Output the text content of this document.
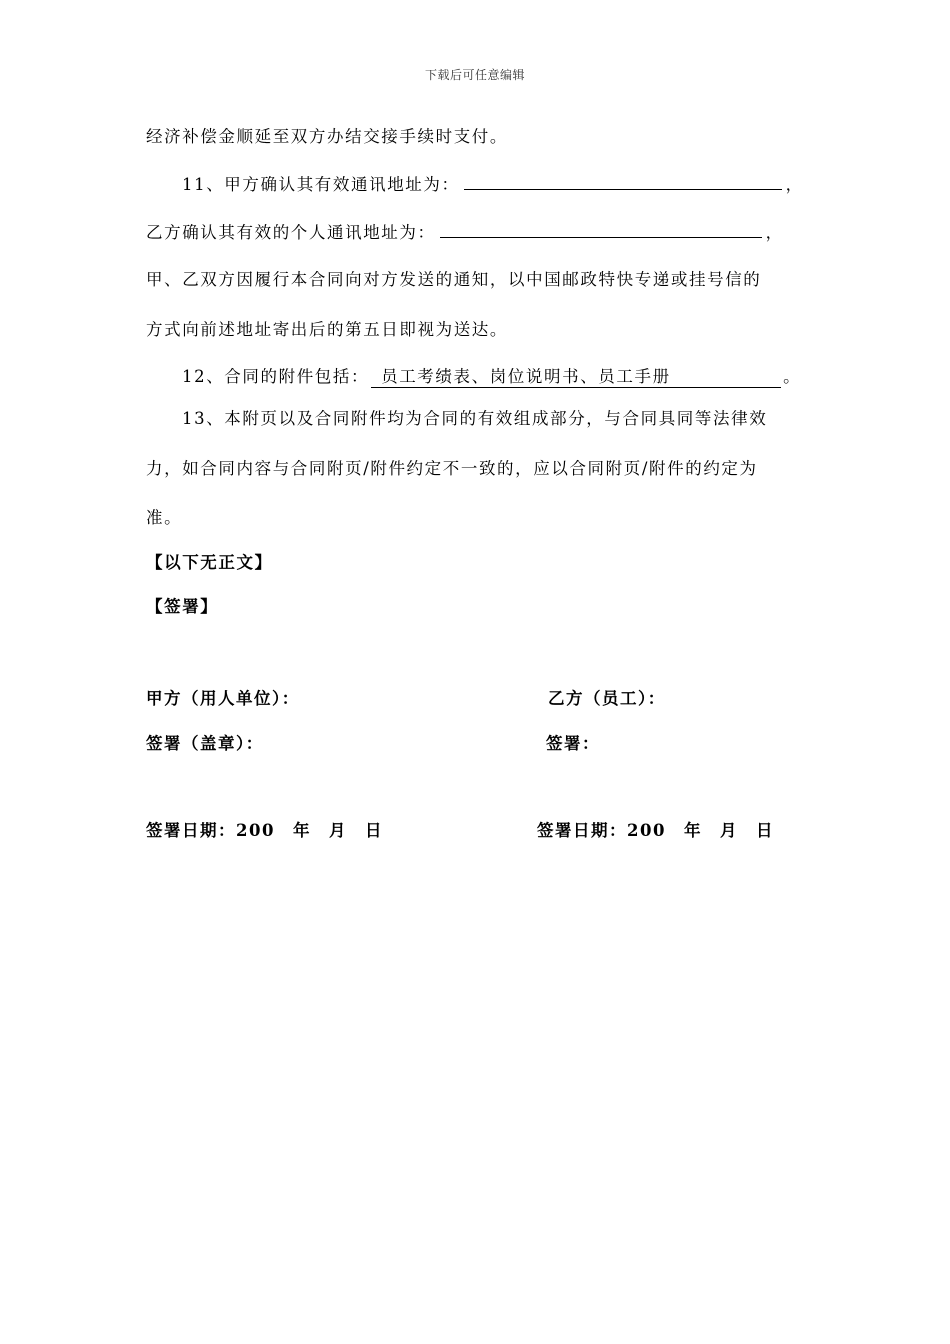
下载后可任意编辑
经济补偿金顺延至双方办结交接手续时支付。
11、甲方确认其有效通讯地址为：	，
乙方确认其有效的个人通讯地址为：	，
甲、乙双方因履行本合同向对方发送的通知，以中国邮政特快专递或挂号信的
方式向前述地址寄出后的第五日即视为送达。
12、合同的附件包括： 员工考绩表、岗位说明书、员工手册	。
13、本附页以及合同附件均为合同的有效组成部分，与合同具同等法律效
力，如合同内容与合同附页/附件约定不一致的，应以合同附页/附件的约定为
准。
【以下无正文】
【签署】
甲方（用人单位）：	乙方（员工）：
签署（盖章）：	签署：
签署日期：200　年　月　日	签署日期：200　年　月　日
